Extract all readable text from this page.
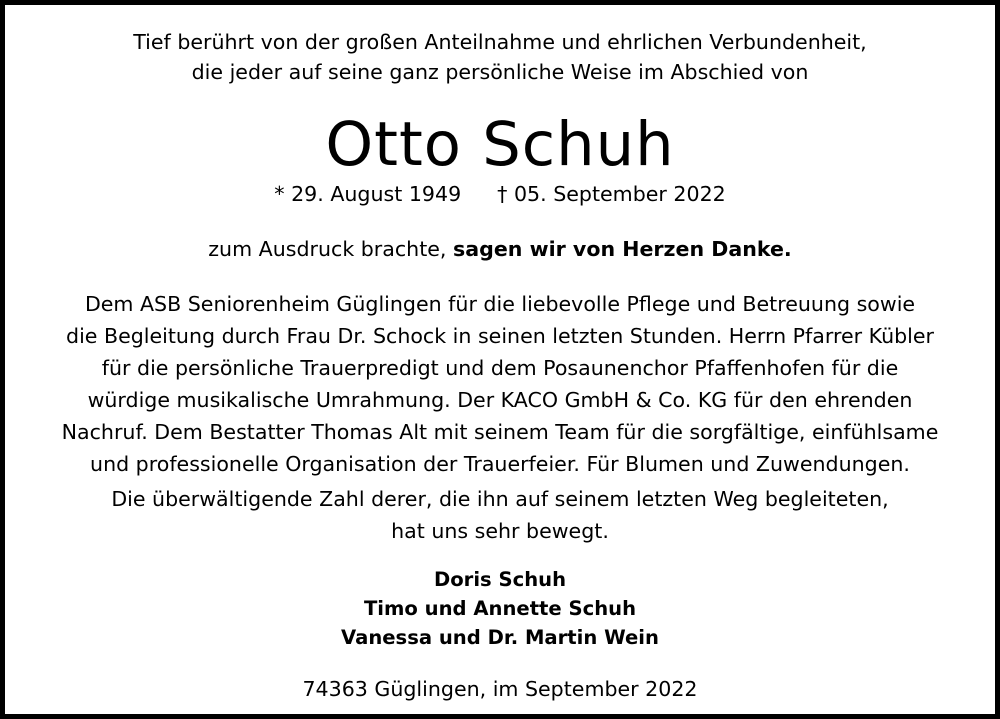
Tief berührt von der großen Anteilnahme und ehrlichen Verbundenheit,
die jeder auf seine ganz persönliche Weise im Abschied von
Otto Schuh
* 29. August 1949 † 05. September 2022
zum Ausdruck brachte, sagen wir von Herzen Danke.
Dem ASB Seniorenheim Güglingen für die liebevolle Pflege und Betreuung sowie
die Begleitung durch Frau Dr. Schock in seinen letzten Stunden. Herrn Pfarrer Kübler
für die persönliche Trauerpredigt und dem Posaunenchor Pfaffenhofen für die
würdige musikalische Umrahmung. Der KACO GmbH & Co. KG für den ehrenden
Nachruf. Dem Bestatter Thomas Alt mit seinem Team für die sorgfältige, einfühlsame
und professionelle Organisation der Trauerfeier. Für Blumen und Zuwendungen.
Die überwältigende Zahl derer, die ihn auf seinem letzten Weg begleiteten,
hat uns sehr bewegt.
Doris Schuh
Timo und Annette Schuh
Vanessa und Dr. Martin Wein
74363 Güglingen, im September 2022
